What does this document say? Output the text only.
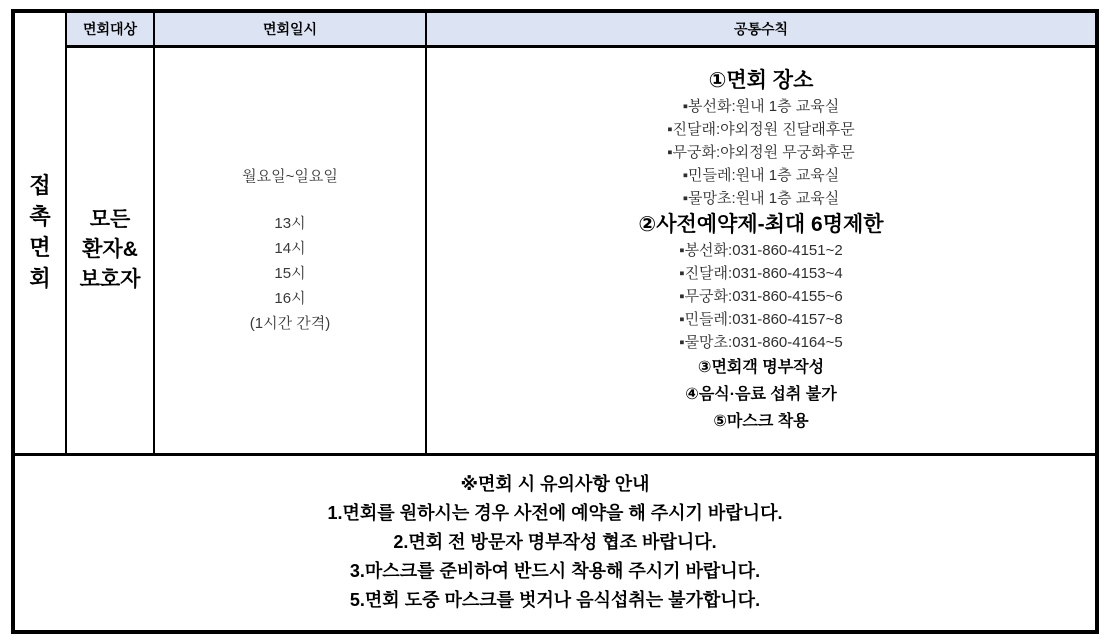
접
촉
면
회	면회대상	면회일시	공통수칙

모든
환자&
보호자

월요일~일요일
13시
14시
15시
16시
(1시간 간격)

①면회 장소
▪봉선화:원내 1층 교육실
▪진달래:야외정원 진달래후문
▪무궁화:야외정원 무궁화후문
▪민들레:원내 1층 교육실
▪물망초:원내 1층 교육실
②사전예약제-최대 6명제한
▪봉선화:031-860-4151~2
▪진달래:031-860-4153~4
▪무궁화:031-860-4155~6
▪민들레:031-860-4157~8
▪물망초:031-860-4164~5
③면회객 명부작성
④음식·음료 섭취 불가
⑤마스크 착용

※면회 시 유의사항 안내
1.면회를 원하시는 경우 사전에 예약을 해 주시기 바랍니다.
2.면회 전 방문자 명부작성 협조 바랍니다.
3.마스크를 준비하여 반드시 착용해 주시기 바랍니다.
5.면회 도중 마스크를 벗거나 음식섭취는 불가합니다.			
